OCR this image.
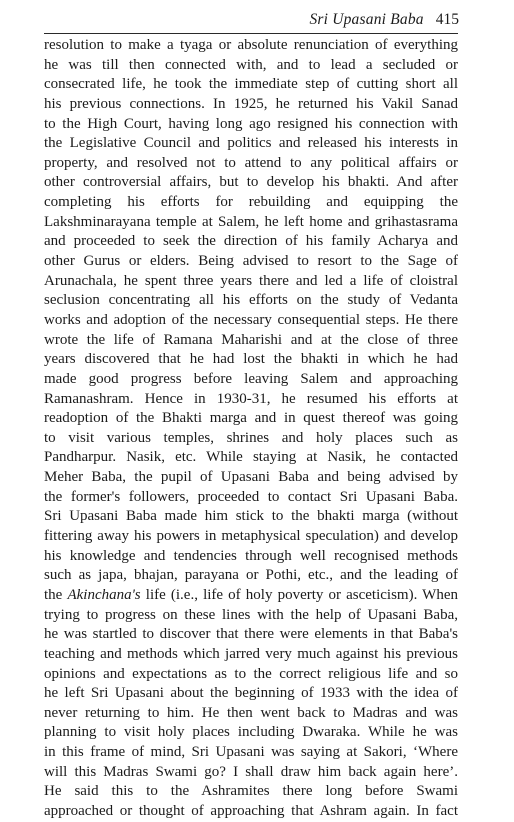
Sri Upasani Baba 415
resolution to make a tyaga or absolute renunciation of everything
he was till then connected with, and to lead a secluded or
consecrated life, he took the immediate step of cutting short all
his previous connections. In 1925, he returned his Vakil Sanad
to the High Court, having long ago resigned his connection with
the Legislative Council and politics and released his interests in
property, and resolved not to attend to any political affairs or
other controversial affairs, but to develop his bhakti. And after
completing his efforts for rebuilding and equipping the
Lakshminarayana temple at Salem, he left home and grihastasrama
and proceeded to seek the direction of his family Acharya and
other Gurus or elders. Being advised to resort to the Sage of
Arunachala, he spent three years there and led a life of cloistral
seclusion concentrating all his efforts on the study of Vedanta
works and adoption of the necessary consequential steps. He there
wrote the life of Ramana Maharishi and at the close of three
years discovered that he had lost the bhakti in which he had
made good progress before leaving Salem and approaching
Ramanashram. Hence in 1930-31, he resumed his efforts at
readoption of the Bhakti marga and in quest thereof was going
to visit various temples, shrines and holy places such as
Pandharpur. Nasik, etc. While staying at Nasik, he contacted
Meher Baba, the pupil of Upasani Baba and being advised by
the former's followers, proceeded to contact Sri Upasani Baba.
Sri Upasani Baba made him stick to the bhakti marga (without
fittering away his powers in metaphysical speculation) and develop
his knowledge and tendencies through well recognised methods
such as japa, bhajan, parayana or Pothi, etc., and the leading of
the Akinchana's life (i.e., life of holy poverty or asceticism). When
trying to progress on these lines with the help of Upasani Baba,
he was startled to discover that there were elements in that Baba's
teaching and methods which jarred very much against his previous
opinions and expectations as to the correct religious life and so
he left Sri Upasani about the beginning of 1933 with the idea of
never returning to him. He then went back to Madras and was
planning to visit holy places including Dwaraka. While he was
in this frame of mind, Sri Upasani was saying at Sakori, ‘Where
will this Madras Swami go? I shall draw him back again here’.
He said this to the Ashramites there long before Swami
approached or thought of approaching that Ashram again. In fact
